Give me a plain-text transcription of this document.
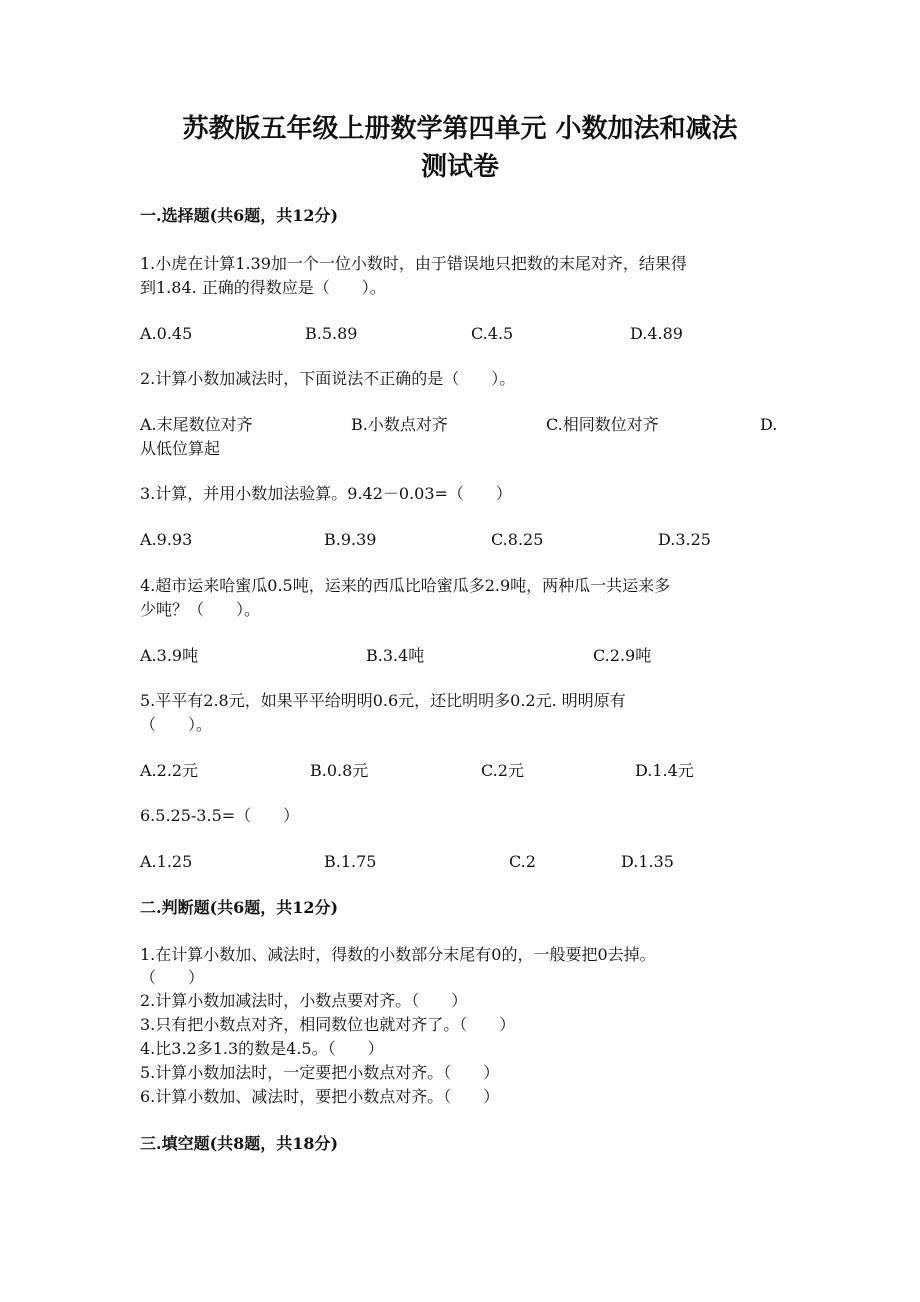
苏教版五年级上册数学第四单元 小数加法和减法
测试卷
一.选择题(共6题，共12分)
1.小虎在计算1.39加一个一位小数时，由于错误地只把数的末尾对齐，结果得
到1.84. 正确的得数应是（　　）。
A.0.45	B.5.89	C.4.5	D.4.89
2.计算小数加减法时，下面说法不正确的是（　　）。
A.末尾数位对齐	B.小数点对齐	C.相同数位对齐	D.
从低位算起
3.计算，并用小数加法验算。9.42－0.03=（　　）
A.9.93	B.9.39	C.8.25	D.3.25
4.超市运来哈蜜瓜0.5吨，运来的西瓜比哈蜜瓜多2.9吨，两种瓜一共运来多
少吨？（　　）。
A.3.9吨	B.3.4吨	C.2.9吨
5.平平有2.8元，如果平平给明明0.6元，还比明明多0.2元. 明明原有
（　　）。
A.2.2元	B.0.8元	C.2元	D.1.4元
6.5.25-3.5=（　　）
A.1.25	B.1.75	C.2	D.1.35
二.判断题(共6题，共12分)
1.在计算小数加、减法时，得数的小数部分末尾有0的，一般要把0去掉。
（　　）
2.计算小数加减法时，小数点要对齐。（　　）
3.只有把小数点对齐，相同数位也就对齐了。（　　）
4.比3.2多1.3的数是4.5。（　　）
5.计算小数加法时，一定要把小数点对齐。（　　）
6.计算小数加、减法时，要把小数点对齐。（　　）
三.填空题(共8题，共18分)
